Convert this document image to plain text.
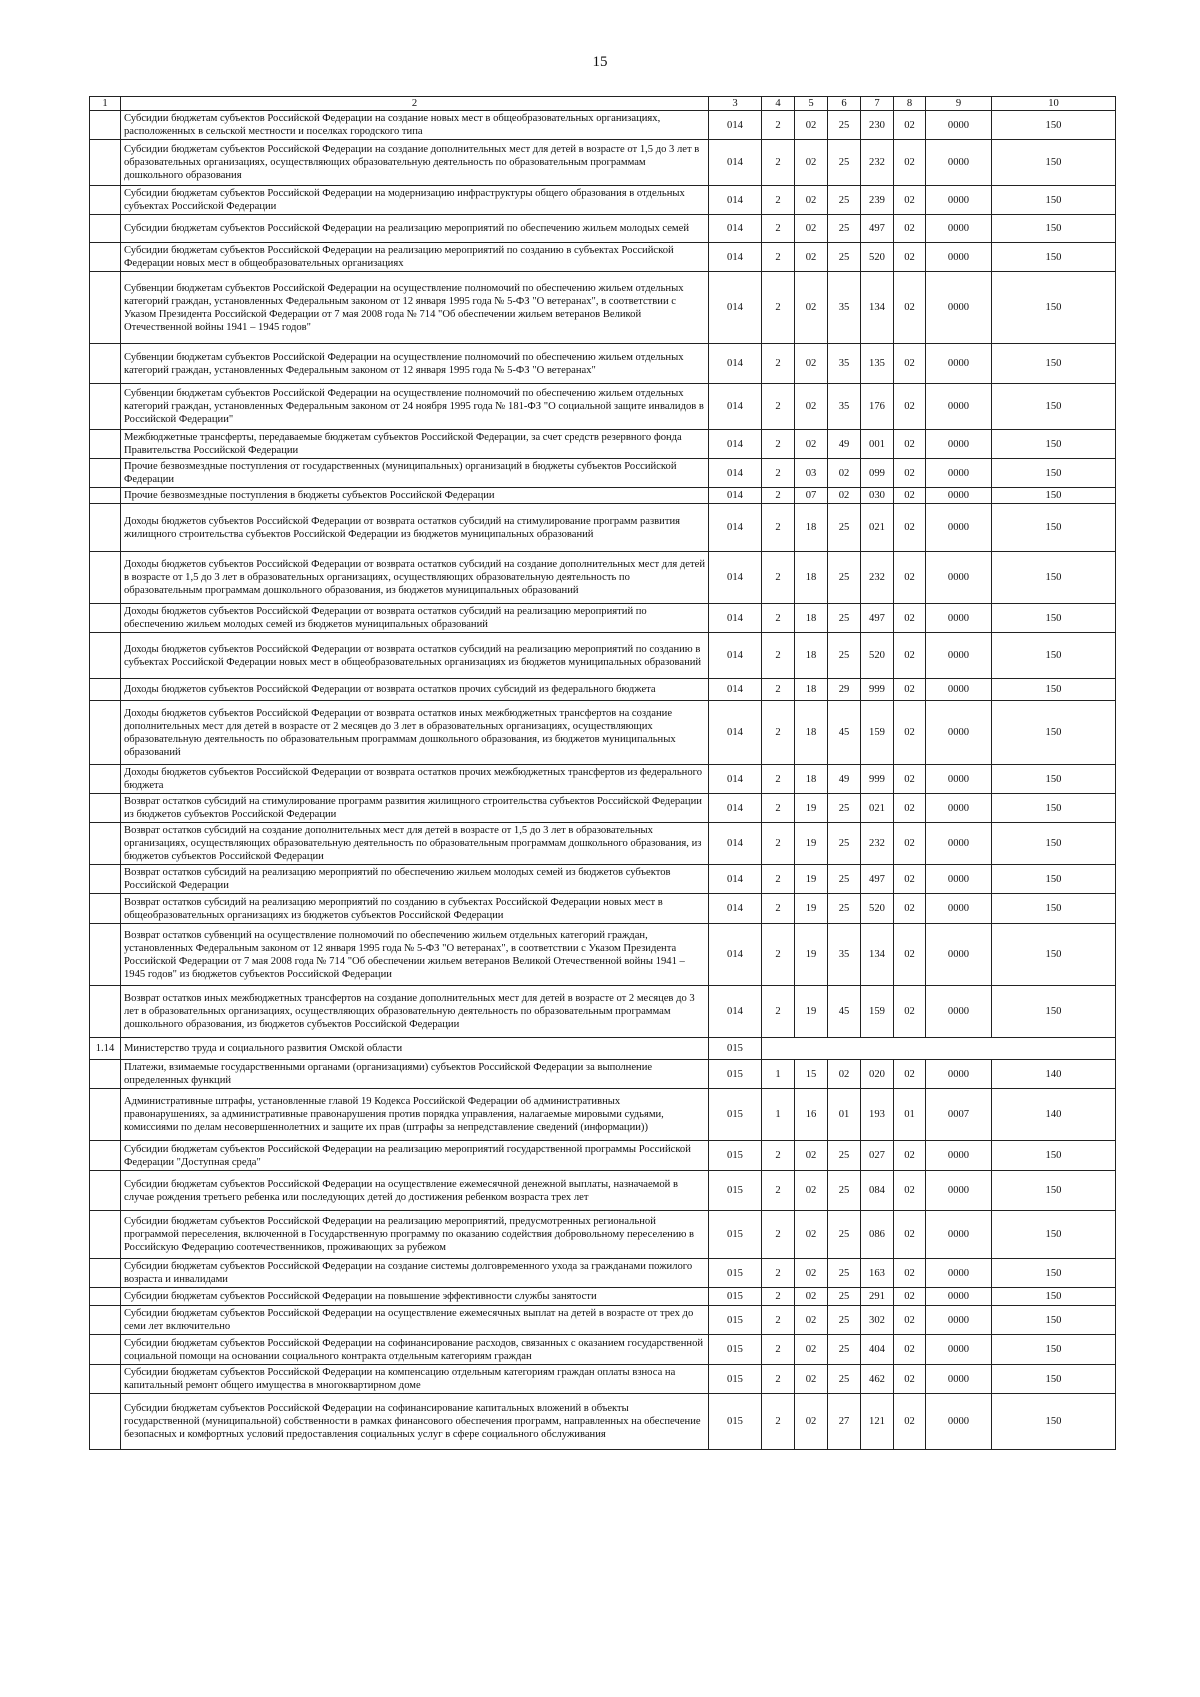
15
1	2	3	4	5	6	7	8	9	10
	Субсидии бюджетам субъектов Российской Федерации на создание новых мест в общеобразовательных организациях, расположенных в сельской местности и поселках городского типа	014	2	02	25	230	02	0000	150
	Субсидии бюджетам субъектов Российской Федерации на создание дополнительных мест для детей в возрасте от 1,5 до 3 лет в образовательных организациях, осуществляющих образовательную деятельность по образовательным программам дошкольного образования	014	2	02	25	232	02	0000	150
	Субсидии бюджетам субъектов Российской Федерации на модернизацию инфраструктуры общего образования в отдельных субъектах Российской Федерации	014	2	02	25	239	02	0000	150
	Субсидии бюджетам субъектов Российской Федерации на реализацию мероприятий по обеспечению жильем молодых семей	014	2	02	25	497	02	0000	150
	Субсидии бюджетам субъектов Российской Федерации на реализацию мероприятий по созданию в субъектах Российской Федерации новых мест в общеобразовательных организациях	014	2	02	25	520	02	0000	150
	Субвенции бюджетам субъектов Российской Федерации на осуществление полномочий по обеспечению жильем отдельных категорий граждан, установленных Федеральным законом от 12 января 1995 года № 5-ФЗ "О ветеранах", в соответствии с Указом Президента Российской Федерации от 7 мая 2008 года № 714 "Об обеспечении жильем ветеранов Великой Отечественной войны 1941 – 1945 годов"	014	2	02	35	134	02	0000	150
	Субвенции бюджетам субъектов Российской Федерации на осуществление полномочий по обеспечению жильем отдельных категорий граждан, установленных Федеральным законом от 12 января 1995 года № 5-ФЗ "О ветеранах"	014	2	02	35	135	02	0000	150
	Субвенции бюджетам субъектов Российской Федерации на осуществление полномочий по обеспечению жильем отдельных категорий граждан, установленных Федеральным законом от 24 ноября 1995 года № 181-ФЗ "О социальной защите инвалидов в Российской Федерации"	014	2	02	35	176	02	0000	150
	Межбюджетные трансферты, передаваемые бюджетам субъектов Российской Федерации, за счет средств резервного фонда Правительства Российской Федерации	014	2	02	49	001	02	0000	150
	Прочие безвозмездные поступления от государственных (муниципальных) организаций в бюджеты субъектов Российской Федерации	014	2	03	02	099	02	0000	150
	Прочие безвозмездные поступления в бюджеты субъектов Российской Федерации	014	2	07	02	030	02	0000	150
	Доходы бюджетов субъектов Российской Федерации от возврата остатков субсидий на стимулирование программ развития жилищного строительства субъектов Российской Федерации из бюджетов муниципальных образований	014	2	18	25	021	02	0000	150
	Доходы бюджетов субъектов Российской Федерации от возврата остатков субсидий на создание дополнительных мест для детей в возрасте от 1,5 до 3 лет в образовательных организациях, осуществляющих образовательную деятельность по образовательным программам дошкольного образования, из бюджетов муниципальных образований	014	2	18	25	232	02	0000	150
	Доходы бюджетов субъектов Российской Федерации от возврата остатков субсидий на реализацию мероприятий по обеспечению жильем молодых семей из бюджетов муниципальных образований	014	2	18	25	497	02	0000	150
	Доходы бюджетов субъектов Российской Федерации от возврата остатков субсидий на реализацию мероприятий по созданию в субъектах Российской Федерации новых мест в общеобразовательных организациях из бюджетов муниципальных образований	014	2	18	25	520	02	0000	150
	Доходы бюджетов субъектов Российской Федерации от возврата остатков прочих субсидий из федерального бюджета	014	2	18	29	999	02	0000	150
	Доходы бюджетов субъектов Российской Федерации от возврата остатков иных межбюджетных трансфертов на создание дополнительных мест для детей в возрасте от 2 месяцев до 3 лет в образовательных организациях, осуществляющих образовательную деятельность по образовательным программам дошкольного образования, из бюджетов муниципальных образований	014	2	18	45	159	02	0000	150
	Доходы бюджетов субъектов Российской Федерации от возврата остатков прочих межбюджетных трансфертов из федерального бюджета	014	2	18	49	999	02	0000	150
	Возврат остатков субсидий на стимулирование программ развития жилищного строительства субъектов Российской Федерации из бюджетов субъектов Российской Федерации	014	2	19	25	021	02	0000	150
	Возврат остатков субсидий на создание дополнительных мест для детей в возрасте от 1,5 до 3 лет в образовательных организациях, осуществляющих образовательную деятельность по образовательным программам дошкольного образования, из бюджетов субъектов Российской Федерации	014	2	19	25	232	02	0000	150
	Возврат остатков субсидий на реализацию мероприятий по обеспечению жильем молодых семей из бюджетов субъектов Российской Федерации	014	2	19	25	497	02	0000	150
	Возврат остатков субсидий на реализацию мероприятий по созданию в субъектах Российской Федерации новых мест в общеобразовательных организациях из бюджетов субъектов Российской Федерации	014	2	19	25	520	02	0000	150
	Возврат остатков субвенций на осуществление полномочий по обеспечению жильем отдельных категорий граждан, установленных Федеральным законом от 12 января 1995 года № 5-ФЗ "О ветеранах", в соответствии с Указом Президента Российской Федерации от 7 мая 2008 года № 714 "Об обеспечении жильем ветеранов Великой Отечественной войны 1941 – 1945 годов" из бюджетов субъектов Российской Федерации	014	2	19	35	134	02	0000	150
	Возврат остатков иных межбюджетных трансфертов на создание дополнительных мест для детей в возрасте от 2 месяцев до 3 лет в образовательных организациях, осуществляющих образовательную деятельность по образовательным программам дошкольного образования, из бюджетов субъектов Российской Федерации	014	2	19	45	159	02	0000	150
1.14	Министерство труда и социального развития Омской области	015							
	Платежи, взимаемые государственными органами (организациями) субъектов Российской Федерации за выполнение определенных функций	015	1	15	02	020	02	0000	140
	Административные штрафы, установленные главой 19 Кодекса Российской Федерации об административных правонарушениях, за административные правонарушения против порядка управления, налагаемые мировыми судьями, комиссиями по делам несовершеннолетних и защите их прав (штрафы за непредставление сведений (информации))	015	1	16	01	193	01	0007	140
	Субсидии бюджетам субъектов Российской Федерации на реализацию мероприятий государственной программы Российской Федерации "Доступная среда"	015	2	02	25	027	02	0000	150
	Субсидии бюджетам субъектов Российской Федерации на осуществление ежемесячной денежной выплаты, назначаемой в случае рождения третьего ребенка или последующих детей до достижения ребенком возраста трех лет	015	2	02	25	084	02	0000	150
	Субсидии бюджетам субъектов Российской Федерации на реализацию мероприятий, предусмотренных региональной программой переселения, включенной в Государственную программу по оказанию содействия добровольному переселению в Российскую Федерацию соотечественников, проживающих за рубежом	015	2	02	25	086	02	0000	150
	Субсидии бюджетам субъектов Российской Федерации на создание системы долговременного ухода за гражданами пожилого возраста и инвалидами	015	2	02	25	163	02	0000	150
	Субсидии бюджетам субъектов Российской Федерации на повышение эффективности службы занятости	015	2	02	25	291	02	0000	150
	Субсидии бюджетам субъектов Российской Федерации на осуществление ежемесячных выплат на детей в возрасте от трех до семи лет включительно	015	2	02	25	302	02	0000	150
	Субсидии бюджетам субъектов Российской Федерации на софинансирование расходов, связанных с оказанием государственной социальной помощи на основании социального контракта отдельным категориям граждан	015	2	02	25	404	02	0000	150
	Субсидии бюджетам субъектов Российской Федерации на компенсацию отдельным категориям граждан оплаты взноса на капитальный ремонт общего имущества в многоквартирном доме	015	2	02	25	462	02	0000	150
	Субсидии бюджетам субъектов Российской Федерации на софинансирование капитальных вложений в объекты государственной (муниципальной) собственности в рамках финансового обеспечения программ, направленных на обеспечение безопасных и комфортных условий предоставления социальных услуг в сфере социального обслуживания	015	2	02	27	121	02	0000	150
